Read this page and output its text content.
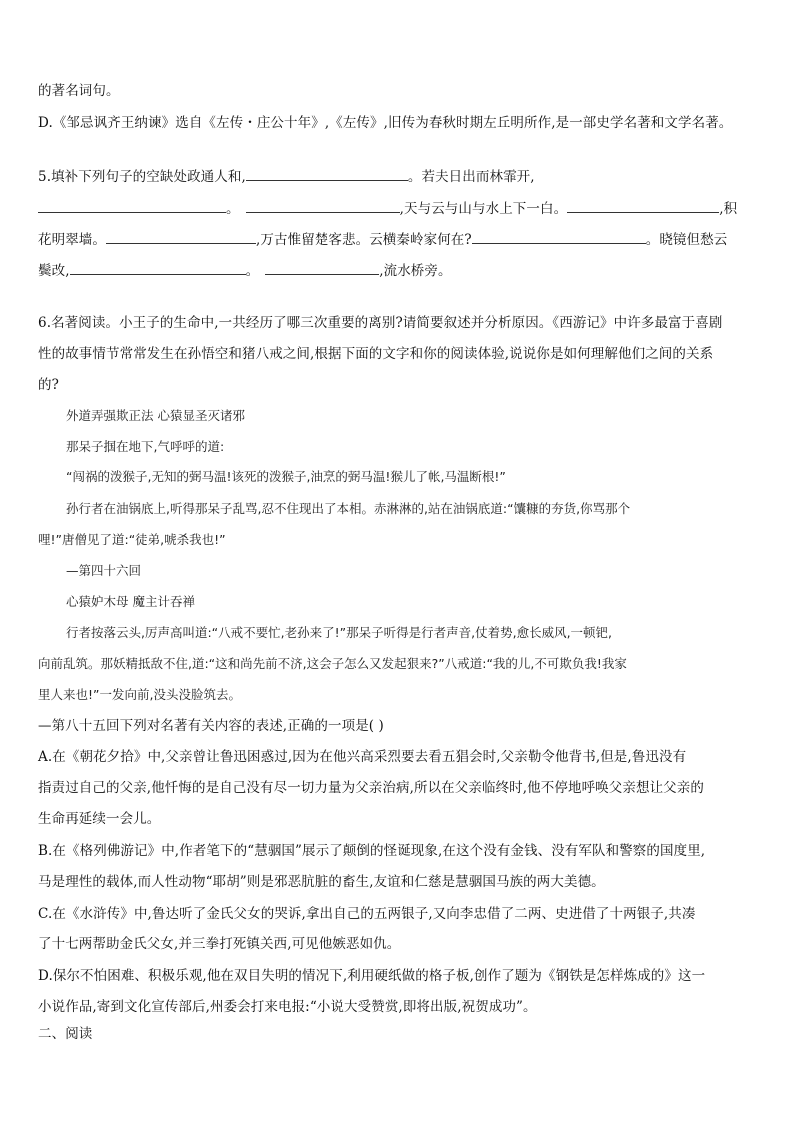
的著名词句。
D.《邹忌讽齐王纳谏》选自《左传・庄公十年》,《左传》,旧传为春秋时期左丘明所作,是一部史学名著和文学名著。
5.填补下列句子的空缺处政通人和,	。若夫日出而林霏开,
。	,天与云与山与水上下一白。	,积
花明翠墙。	,万古惟留楚客悲。云横秦岭家何在?	。晓镜但愁云
鬓改,	。	,流水桥旁。
6.名著阅读。小王子的生命中,一共经历了哪三次重要的离别?请简要叙述并分析原因。《西游记》中许多最富于喜剧
性的故事情节常常发生在孙悟空和猪八戒之间,根据下面的文字和你的阅读体验,说说你是如何理解他们之间的关系
的?
外道弄强欺正法 心猿显圣灭诸邪
那呆子掴在地下,气呼呼的道:
“闯祸的泼猴子,无知的弼马温!该死的泼猴子,油烹的弼马温!猴儿了帐,马温断根!”
孙行者在油锅底上,听得那呆子乱骂,忍不住现出了本相。赤淋淋的,站在油锅底道:“馕糠的夯货,你骂那个
哩!”唐僧见了道:“徒弟,唬杀我也!”
—第四十六回
心猿妒木母 魔主计吞禅
行者按落云头,厉声高叫道:“八戒不要忙,老孙来了!”那呆子听得是行者声音,仗着势,愈长威风,一顿钯,
向前乱筑。那妖精抵敌不住,道:“这和尚先前不济,这会子怎么又发起狠来?”八戒道:“我的儿,不可欺负我!我家
里人来也!”一发向前,没头没脸筑去。
—第八十五回下列对名著有关内容的表述,正确的一项是( )
A.在《朝花夕拾》中,父亲曾让鲁迅困惑过,因为在他兴高采烈要去看五猖会时,父亲勒令他背书,但是,鲁迅没有
指责过自己的父亲,他忏悔的是自己没有尽一切力量为父亲治病,所以在父亲临终时,他不停地呼唤父亲想让父亲的
生命再延续一会儿。
B.在《格列佛游记》中,作者笔下的“慧骃国”展示了颠倒的怪诞现象,在这个没有金钱、没有军队和警察的国度里,
马是理性的载体,而人性动物“耶胡”则是邪恶肮脏的畜生,友谊和仁慈是慧骃国马族的两大美德。
C.在《水浒传》中,鲁达听了金氏父女的哭诉,拿出自己的五两银子,又向李忠借了二两、史进借了十两银子,共凑
了十七两帮助金氏父女,并三拳打死镇关西,可见他嫉恶如仇。
D.保尔不怕困难、积极乐观,他在双目失明的情况下,利用硬纸做的格子板,创作了题为《钢铁是怎样炼成的》这一
小说作品,寄到文化宣传部后,州委会打来电报:“小说大受赞赏,即将出版,祝贺成功”。
二、阅读
